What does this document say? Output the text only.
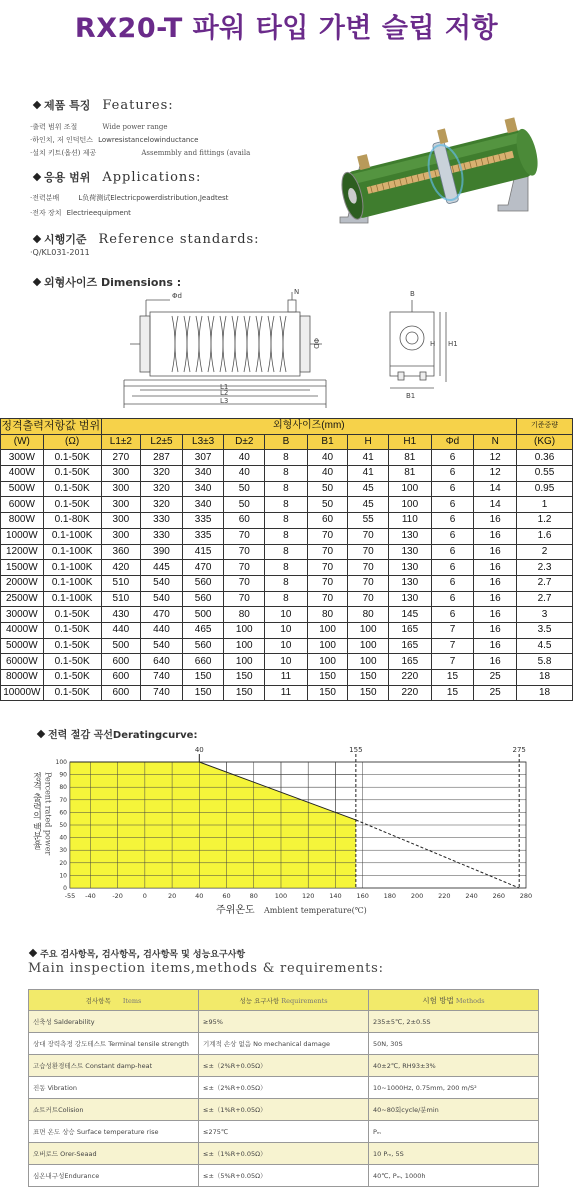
RX20-T 파워 타입 가변 슬립 저항
제품 특징 Features:
·출력 범위 조절	Wide power range
·하인치, 저 인덕턴스 Lowresistancelowinductance
·설치 키트(옵션) 제공	Assemmbly and fittings (availa
응용 범위 Applications:
·전력분배	L负荷测试Electricpowerdistribution,Jeadtest
·전자 장치 Electrieequipment
시행기준 Reference standards:
·Q/KL031-2011
외형사이즈 Dimensions :
Φd	N
ΦD
L1
L2
L3
B
B1
H H1
정격출력저항값 범위		외형사이즈(mm)										기준중량
(W)	(Ω)	L1±2	L2±5	L3±3	D±2	B	B1	H	H1	Φd	N	(KG)
300W	0.1-50K	270	287	307	40	8	40	41	81	6	12	0.36
400W	0.1-50K	300	320	340	40	8	40	41	81	6	12	0.55
500W	0.1-50K	300	320	340	50	8	50	45	100	6	14	0.95
600W	0.1-50K	300	320	340	50	8	50	45	100	6	14	1
800W	0.1-80K	300	330	335	60	8	60	55	110	6	16	1.2
1000W	0.1-100K	300	330	335	70	8	70	70	130	6	16	1.6
1200W	0.1-100K	360	390	415	70	8	70	70	130	6	16	2
1500W	0.1-100K	420	445	470	70	8	70	70	130	6	16	2.3
2000W	0.1-100K	510	540	560	70	8	70	70	130	6	16	2.7
2500W	0.1-100K	510	540	560	70	8	70	70	130	6	16	2.7
3000W	0.1-50K	430	470	500	80	10	80	80	145	6	16	3
4000W	0.1-50K	440	440	465	100	10	100	100	165	7	16	3.5
5000W	0.1-50K	500	540	560	100	10	100	100	165	7	16	4.5
6000W	0.1-50K	600	640	660	100	10	100	100	165	7	16	5.8
8000W	0.1-50K	600	740	150	150	11	150	150	220	15	25	18
10000W	0.1-50K	600	740	150	150	11	150	150	220	15	25	18
전력 절감 곡선Deratingcurve:
-55 -40	-20	0	20	40	60	80	100 120 140 160 180 200 220 240 260 280
0
10
20
30
40
50
60
70
80
90
100
40	155	275
정격 출력의 백분율 Percent rated power
주위온도 Ambient temperature(℃)
주요 검사항목, 검사항목, 검사항목 및 성능요구사항
Main inspection items,methods & requirements:
검사항목 Items	성능 요구사항 Requirements	시험 방법 Methods
신축성 Salderability	≥95%	235±5℃, 2±0.5S
상대 장력측정 강도테스트 Terminal tensile strength	기계적 손상 없음 No mechanical damage	50N, 30S
고습성환경테스트 Constant damp-heat	≤±（2%R+0.05Ω）	40±2℃, RH93±3%
진동 Vibration	≤±（2%R+0.05Ω）	10~1000Hz, 0.75mm, 200 m/S²
쇼트커트Colision	≤±（1%R+0.05Ω）	40~80회cycle/분min
표면 온도 상승 Surface temperature rise	≤275℃	Pₘ
오버로드 Orer-Seaad	≤±（1%R+0.05Ω）	10 Pₘ, 5S
심온내구성Endurance	≤±（5%R+0.05Ω）	40℃, Pₘ, 1000h
